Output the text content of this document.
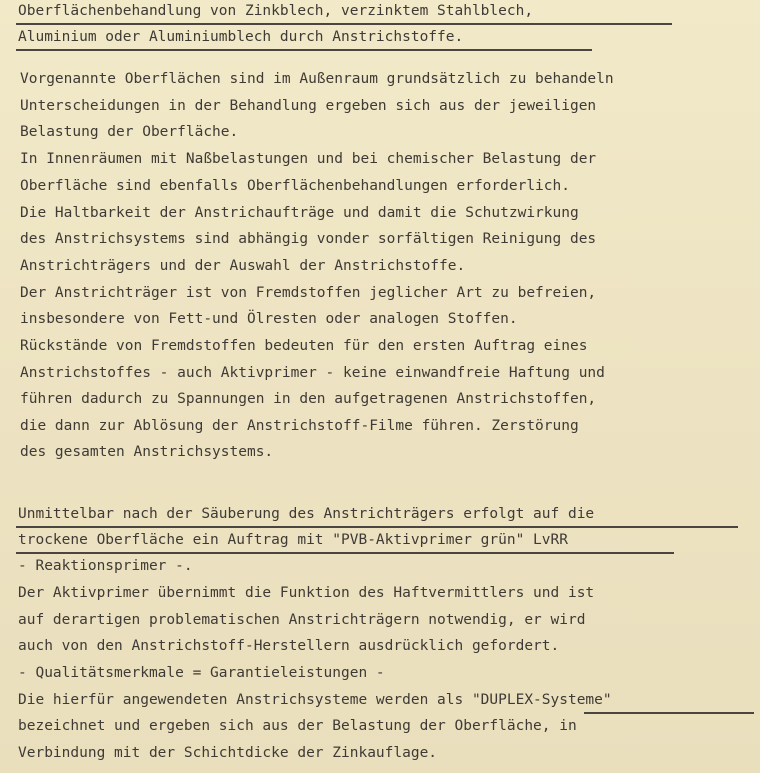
Oberflächenbehandlung von Zinkblech, verzinktem Stahlblech,
Aluminium oder Aluminiumblech durch Anstrichstoffe.
Vorgenannte Oberflächen sind im Außenraum grundsätzlich zu behandeln
Unterscheidungen in der Behandlung ergeben sich aus der jeweiligen
Belastung der Oberfläche.
In Innenräumen mit Naßbelastungen und bei chemischer Belastung der
Oberfläche sind ebenfalls Oberflächenbehandlungen erforderlich.
Die Haltbarkeit der Anstrichaufträge und damit die Schutzwirkung
des Anstrichsystems sind abhängig vonder sorfältigen Reinigung des
Anstrichträgers und der Auswahl der Anstrichstoffe.
Der Anstrichträger ist von Fremdstoffen jeglicher Art zu befreien,
insbesondere von Fett-und Ölresten oder analogen Stoffen.
Rückstände von Fremdstoffen bedeuten für den ersten Auftrag eines
Anstrichstoffes - auch Aktivprimer - keine einwandfreie Haftung und
führen dadurch zu Spannungen in den aufgetragenen Anstrichstoffen,
die dann zur Ablösung der Anstrichstoff-Filme führen. Zerstörung
des gesamten Anstrichsystems.
Unmittelbar nach der Säuberung des Anstrichträgers erfolgt auf die
trockene Oberfläche ein Auftrag mit "PVB-Aktivprimer grün" LvRR
- Reaktionsprimer -.
Der Aktivprimer übernimmt die Funktion des Haftvermittlers und ist
auf derartigen problematischen Anstrichträgern notwendig, er wird
auch von den Anstrichstoff-Herstellern ausdrücklich gefordert.
- Qualitätsmerkmale = Garantieleistungen -
Die hierfür angewendeten Anstrichsysteme werden als "DUPLEX-Systeme"
bezeichnet und ergeben sich aus der Belastung der Oberfläche, in
Verbindung mit der Schichtdicke der Zinkauflage.
